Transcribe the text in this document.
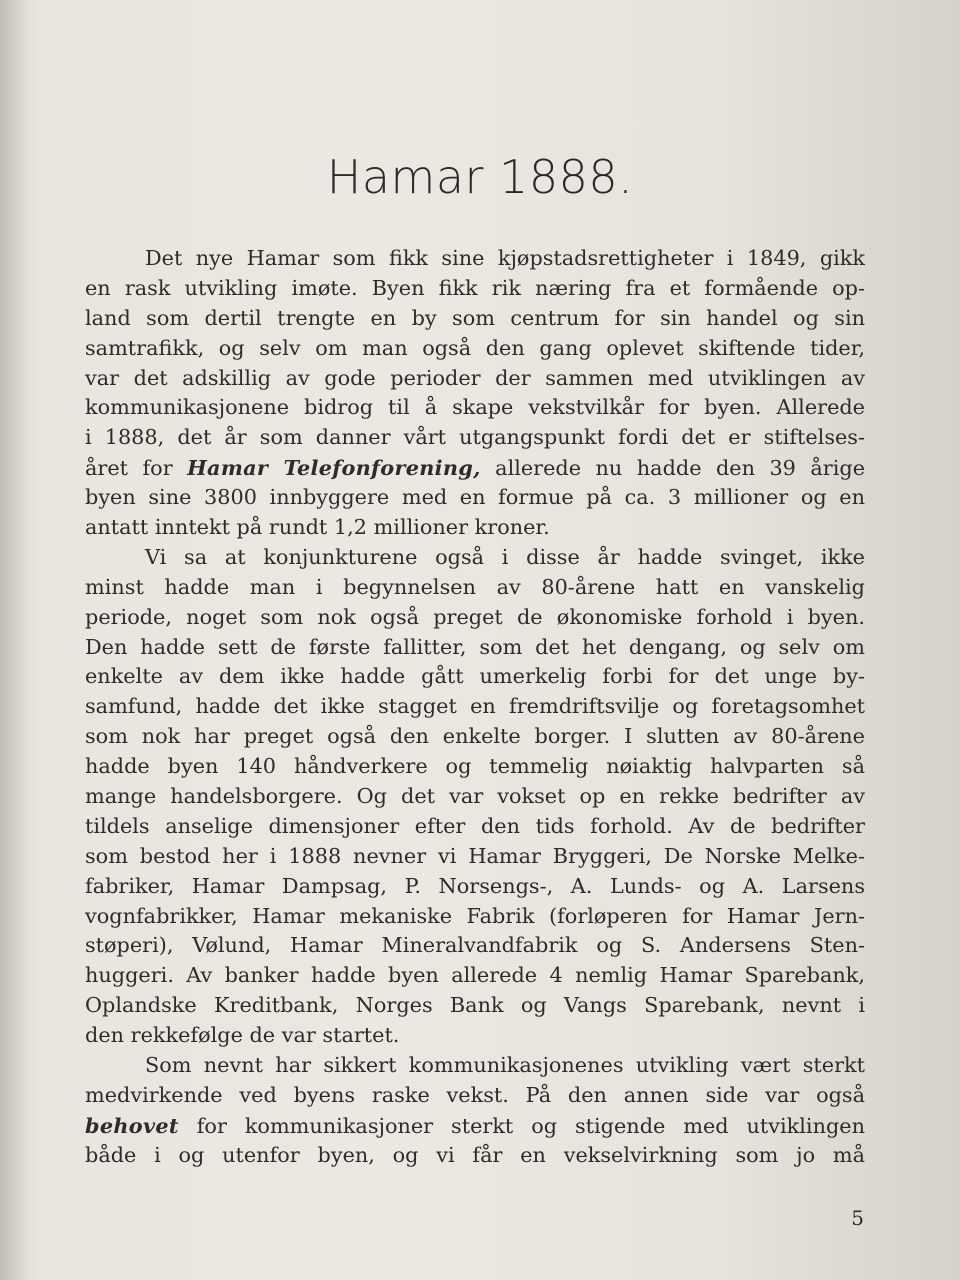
Hamar 1888.
Det nye Hamar som fikk sine kjøpstadsrettigheter i 1849, gikk
en rask utvikling imøte. Byen fikk rik næring fra et formående op-
land som dertil trengte en by som centrum for sin handel og sin
samtrafikk, og selv om man også den gang oplevet skiftende tider,
var det adskillig av gode perioder der sammen med utviklingen av
kommunikasjonene bidrog til å skape vekstvilkår for byen. Allerede
i 1888, det år som danner vårt utgangspunkt fordi det er stiftelses-
året for Hamar Telefonforening, allerede nu hadde den 39 årige
byen sine 3800 innbyggere med en formue på ca. 3 millioner og en
antatt inntekt på rundt 1,2 millioner kroner.
Vi sa at konjunkturene også i disse år hadde svinget, ikke
minst hadde man i begynnelsen av 80-årene hatt en vanskelig
periode, noget som nok også preget de økonomiske forhold i byen.
Den hadde sett de første fallitter, som det het dengang, og selv om
enkelte av dem ikke hadde gått umerkelig forbi for det unge by-
samfund, hadde det ikke stagget en fremdriftsvilje og foretagsomhet
som nok har preget også den enkelte borger. I slutten av 80-årene
hadde byen 140 håndverkere og temmelig nøiaktig halvparten så
mange handelsborgere. Og det var vokset op en rekke bedrifter av
tildels anselige dimensjoner efter den tids forhold. Av de bedrifter
som bestod her i 1888 nevner vi Hamar Bryggeri, De Norske Melke-
fabriker, Hamar Dampsag, P. Norsengs-, A. Lunds- og A. Larsens
vognfabrikker, Hamar mekaniske Fabrik (forløperen for Hamar Jern-
støperi), Vølund, Hamar Mineralvandfabrik og S. Andersens Sten-
huggeri. Av banker hadde byen allerede 4 nemlig Hamar Sparebank,
Oplandske Kreditbank, Norges Bank og Vangs Sparebank, nevnt i
den rekkefølge de var startet.
Som nevnt har sikkert kommunikasjonenes utvikling vært sterkt
medvirkende ved byens raske vekst. På den annen side var også
behovet for kommunikasjoner sterkt og stigende med utviklingen
både i og utenfor byen, og vi får en vekselvirkning som jo må
5
